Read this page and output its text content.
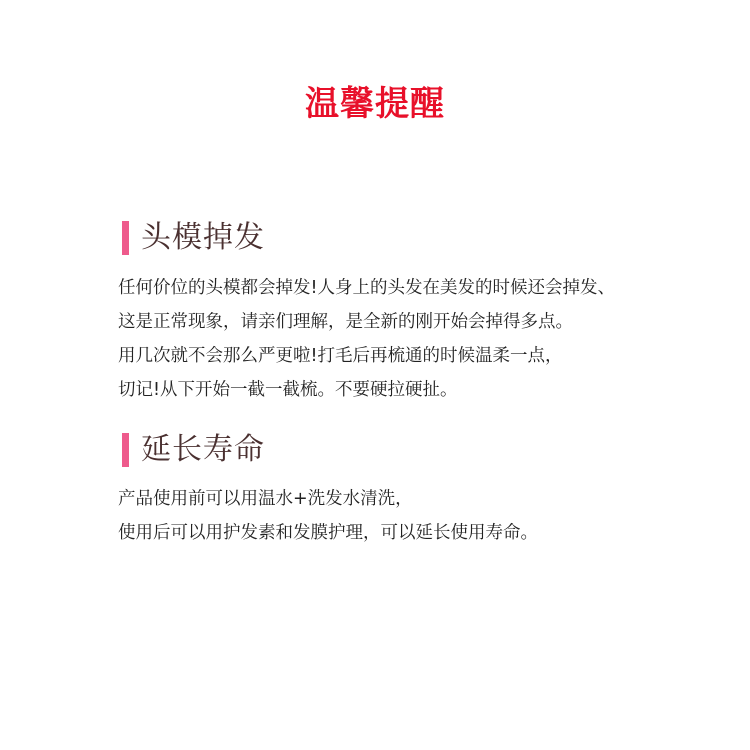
温馨提醒
头模掉发
任何价位的头模都会掉发!人身上的头发在美发的时候还会掉发、
这是正常现象，请亲们理解，是全新的刚开始会掉得多点。
用几次就不会那么严更啦!打毛后再梳通的时候温柔一点，
切记!从下开始一截一截梳。不要硬拉硬扯。
延长寿命
产品使用前可以用温水+洗发水清洗，
使用后可以用护发素和发膜护理，可以延长使用寿命。
